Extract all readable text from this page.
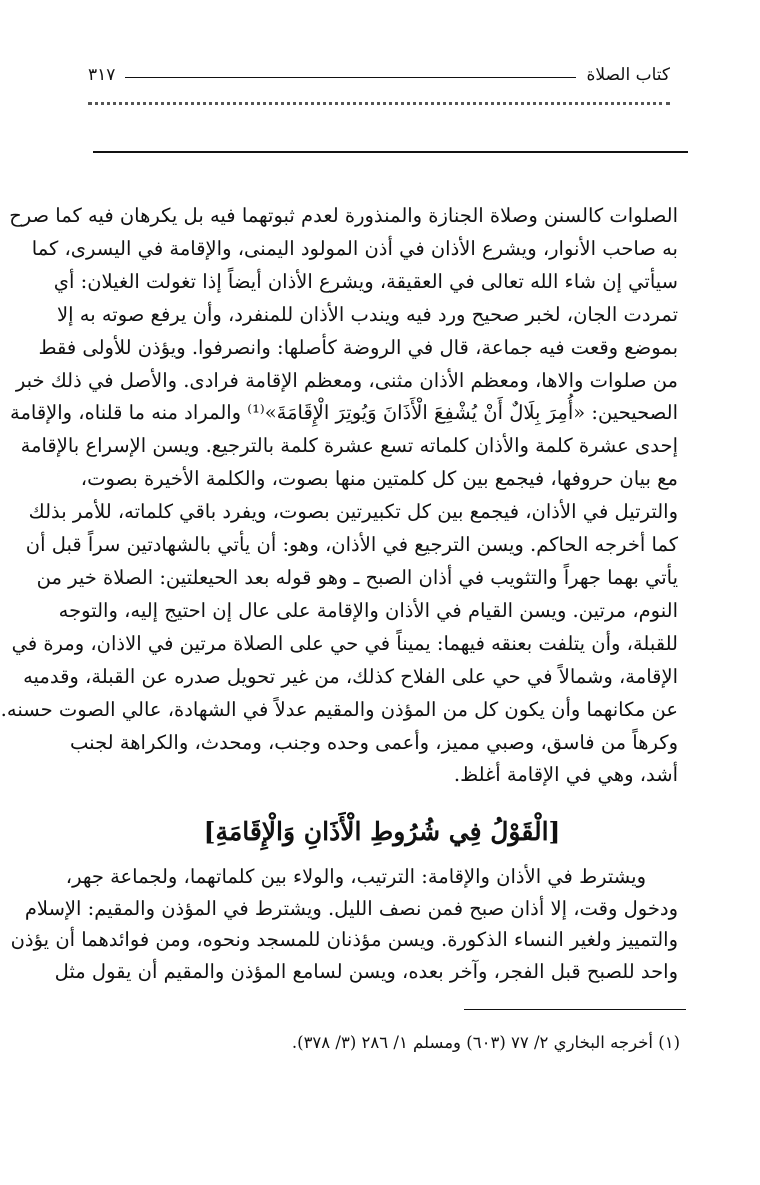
كتاب الصلاة
٣١٧
الصلوات كالسنن وصلاة الجنازة والمنذورة لعدم ثبوتهما فيه بل يكرهان فيه كما صرح
به صاحب الأنوار، ويشرع الأذان في أذن المولود اليمنى، والإقامة في اليسرى، كما
سيأتي إن شاء الله تعالى في العقيقة، ويشرع الأذان أيضاً إذا تغولت الغيلان: أي
تمردت الجان، لخبر صحيح ورد فيه ويندب الأذان للمنفرد، وأن يرفع صوته به إلا
بموضع وقعت فيه جماعة، قال في الروضة كأصلها: وانصرفوا. ويؤذن للأولى فقط
من صلوات والاها، ومعظم الأذان مثنى، ومعظم الإقامة فرادى. والأصل في ذلك خبر
الصحيحين: «أُمِرَ بِلَالٌ أَنْ يُشْفِعَ الْأَذَانَ وَيُوتِرَ الْإِقَامَةَ»⁽¹⁾ والمراد منه ما قلناه، والإقامة
إحدى عشرة كلمة والأذان كلماته تسع عشرة كلمة بالترجيع. ويسن الإسراع بالإقامة
مع بيان حروفها، فيجمع بين كل كلمتين منها بصوت، والكلمة الأخيرة بصوت،
والترتيل في الأذان، فيجمع بين كل تكبيرتين بصوت، ويفرد باقي كلماته، للأمر بذلك
كما أخرجه الحاكم. ويسن الترجيع في الأذان، وهو: أن يأتي بالشهادتين سراً قبل أن
يأتي بهما جهراً والتثويب في أذان الصبح ـ وهو قوله بعد الحيعلتين: الصلاة خير من
النوم، مرتين. ويسن القيام في الأذان والإقامة على عال إن احتيج إليه، والتوجه
للقبلة، وأن يتلفت بعنقه فيهما: يميناً في حي على الصلاة مرتين في الاذان، ومرة في
الإقامة، وشمالاً في حي على الفلاح كذلك، من غير تحويل صدره عن القبلة، وقدميه
عن مكانهما وأن يكون كل من المؤذن والمقيم عدلاً في الشهادة، عالي الصوت حسنه.
وكرهاً من فاسق، وصبي مميز، وأعمى وحده وجنب، ومحدث، والكراهة لجنب
أشد، وهي في الإقامة أغلظ.
[الْقَوْلُ فِي شُرُوطِ الْأَذَانِ وَالْإِقَامَةِ]
ويشترط في الأذان والإقامة: الترتيب، والولاء بين كلماتهما، ولجماعة جهر،
ودخول وقت، إلا أذان صبح فمن نصف الليل. ويشترط في المؤذن والمقيم: الإسلام
والتمييز ولغير النساء الذكورة. ويسن مؤذنان للمسجد ونحوه، ومن فوائدهما أن يؤذن
واحد للصبح قبل الفجر، وآخر بعده، ويسن لسامع المؤذن والمقيم أن يقول مثل
(١) أخرجه البخاري ٢/ ٧٧ (٦٠٣) ومسلم ١/ ٢٨٦ (٣/ ٣٧٨).
